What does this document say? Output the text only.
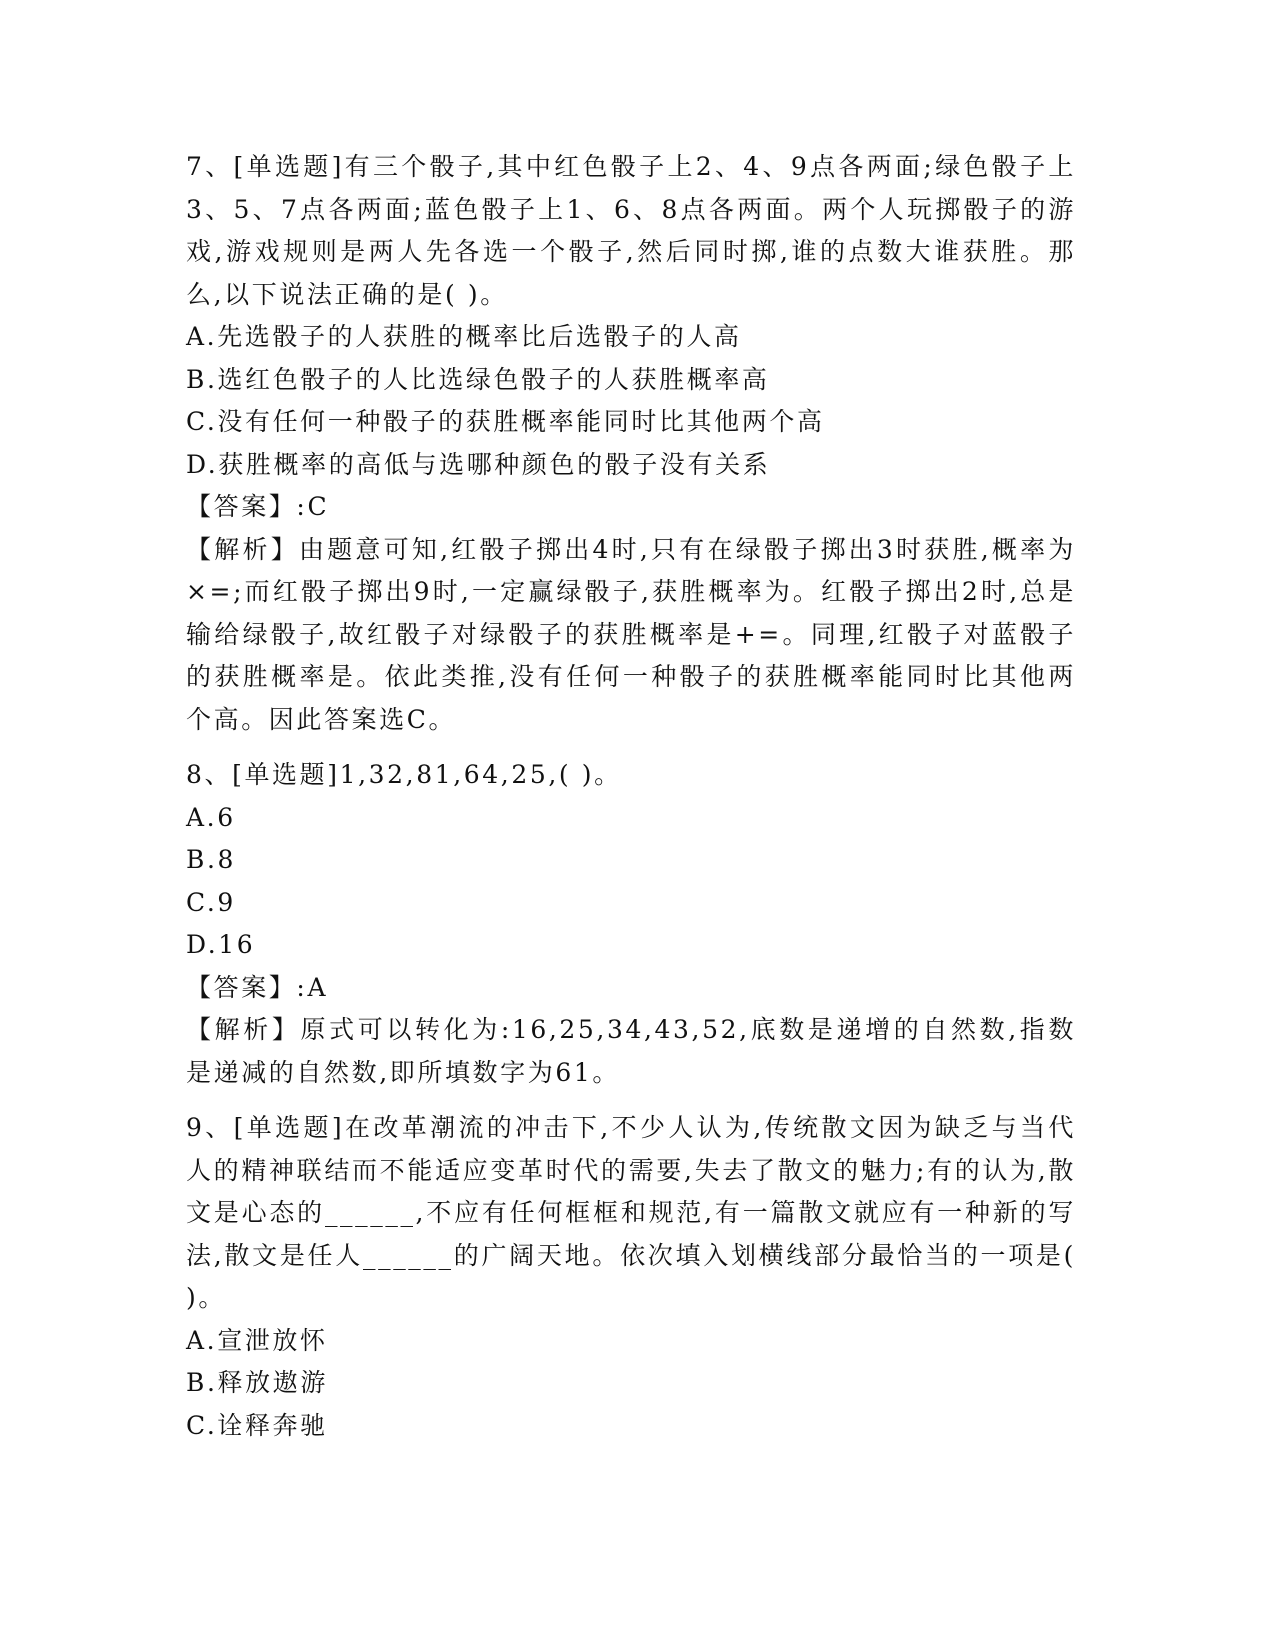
7、[单选题]有三个骰子,其中红色骰子上2、4、9点各两面;绿色骰子上3、5、7点各两面;蓝色骰子上1、6、8点各两面。两个人玩掷骰子的游戏,游戏规则是两人先各选一个骰子,然后同时掷,谁的点数大谁获胜。那么,以下说法正确的是( )。

A.先选骰子的人获胜的概率比后选骰子的人高

B.选红色骰子的人比选绿色骰子的人获胜概率高

C.没有任何一种骰子的获胜概率能同时比其他两个高

D.获胜概率的高低与选哪种颜色的骰子没有关系

【答案】:C

【解析】由题意可知,红骰子掷出4时,只有在绿骰子掷出3时获胜,概率为×=;而红骰子掷出9时,一定赢绿骰子,获胜概率为。红骰子掷出2时,总是输给绿骰子,故红骰子对绿骰子的获胜概率是+=。同理,红骰子对蓝骰子的获胜概率是。依此类推,没有任何一种骰子的获胜概率能同时比其他两个高。因此答案选C。

8、[单选题]1,32,81,64,25,( )。

A.6

B.8

C.9

D.16

【答案】:A

【解析】原式可以转化为:16,25,34,43,52,底数是递增的自然数,指数是递减的自然数,即所填数字为61。

9、[单选题]在改革潮流的冲击下,不少人认为,传统散文因为缺乏与当代人的精神联结而不能适应变革时代的需要,失去了散文的魅力;有的认为,散文是心态的______,不应有任何框框和规范,有一篇散文就应有一种新的写法,散文是任人______的广阔天地。依次填入划横线部分最恰当的一项是( )。

A.宣泄放怀

B.释放遨游

C.诠释奔驰
